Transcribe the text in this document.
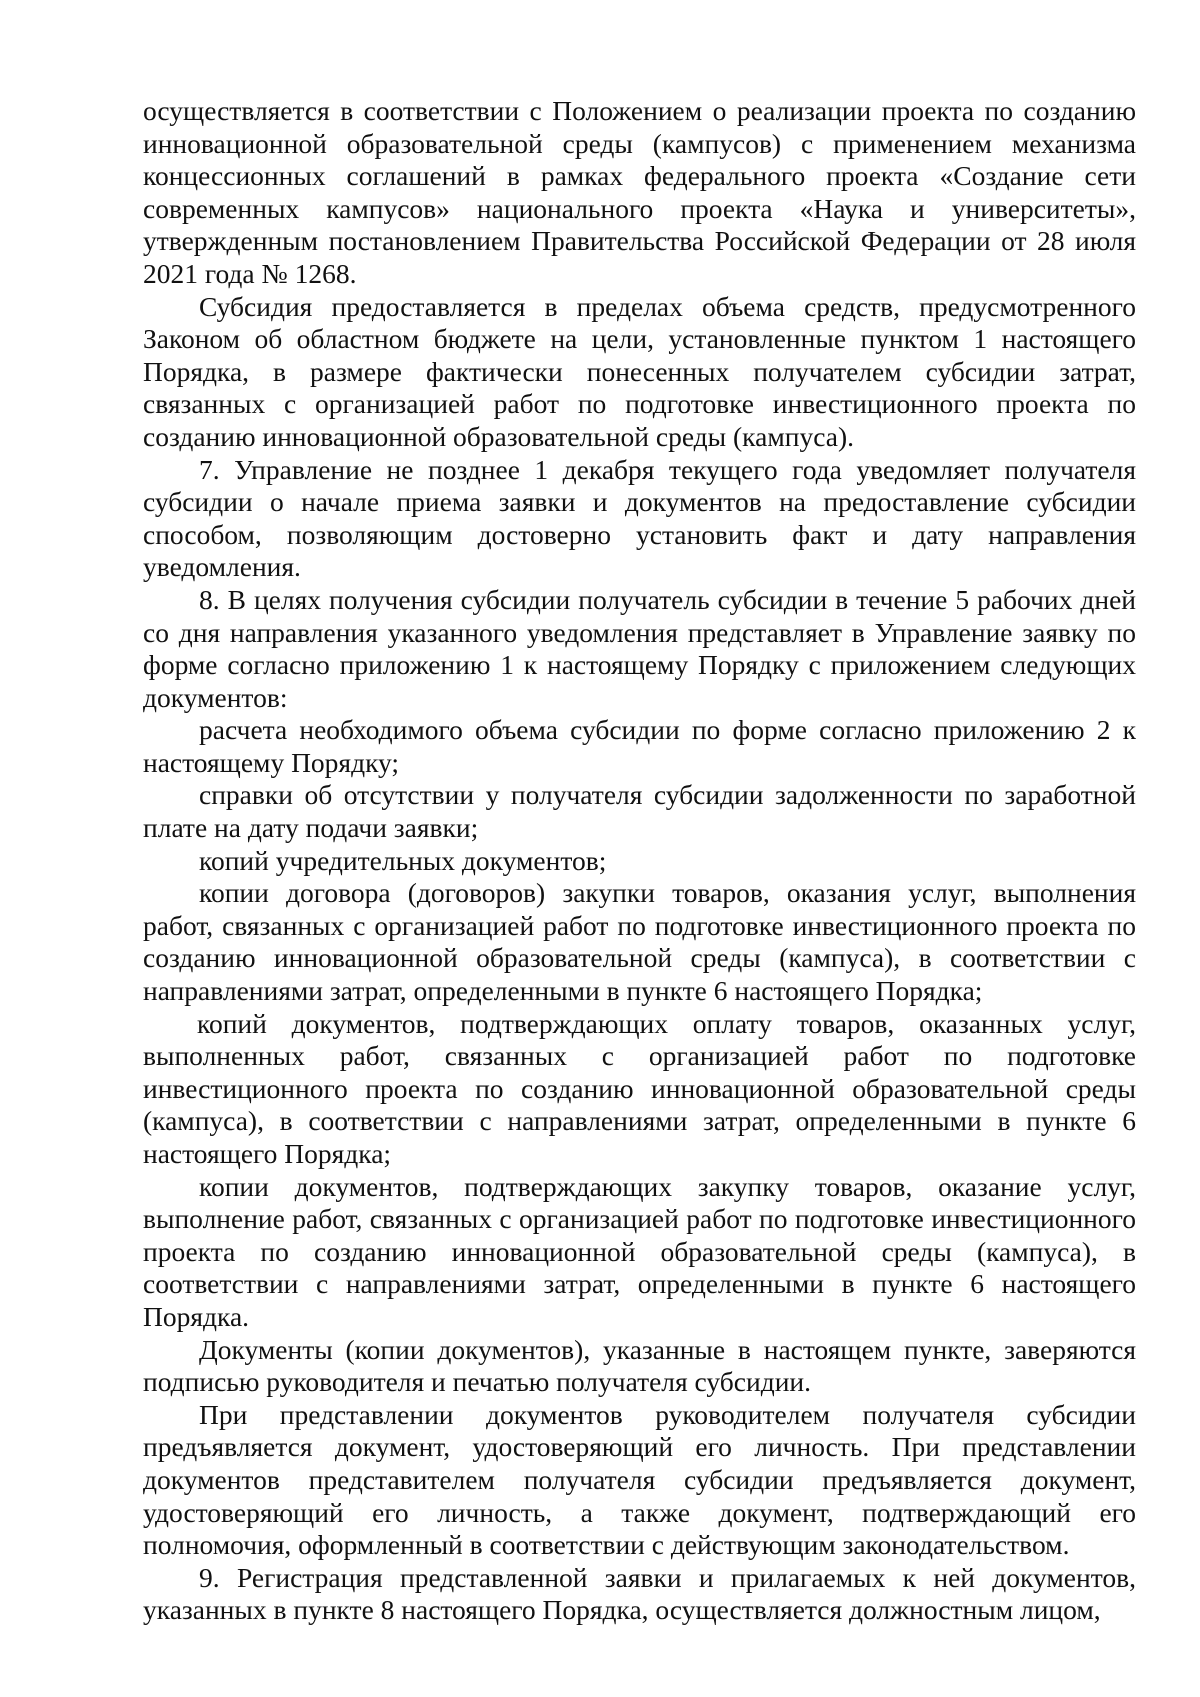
осуществляется в соответствии с Положением о реализации проекта по созданию инновационной образовательной среды (кампусов) с применением механизма концессионных соглашений в рамках федерального проекта «Создание сети современных кампусов» национального проекта «Наука и университеты», утвержденным постановлением Правительства Российской Федерации от 28 июля 2021 года № 1268.

Субсидия предоставляется в пределах объема средств, предусмотренного Законом об областном бюджете на цели, установленные пунктом 1 настоящего Порядка, в размере фактически понесенных получателем субсидии затрат, связанных с организацией работ по подготовке инвестиционного проекта по созданию инновационной образовательной среды (кампуса).

7. Управление не позднее 1 декабря текущего года уведомляет получателя субсидии о начале приема заявки и документов на предоставление субсидии способом, позволяющим достоверно установить факт и дату направления уведомления.

8. В целях получения субсидии получатель субсидии в течение 5 рабочих дней со дня направления указанного уведомления представляет в Управление заявку по форме согласно приложению 1 к настоящему Порядку с приложением следующих документов:

расчета необходимого объема субсидии по форме согласно приложению 2 к настоящему Порядку;

справки об отсутствии у получателя субсидии задолженности по заработной плате на дату подачи заявки;

копий учредительных документов;

копии договора (договоров) закупки товаров, оказания услуг, выполнения работ, связанных с организацией работ по подготовке инвестиционного проекта по созданию инновационной образовательной среды (кампуса), в соответствии с направлениями затрат, определенными в пункте 6 настоящего Порядка;

копий документов, подтверждающих оплату товаров, оказанных услуг, выполненных работ, связанных с организацией работ по подготовке инвестиционного проекта по созданию инновационной образовательной среды (кампуса), в соответствии с направлениями затрат, определенными в пункте 6 настоящего Порядка;

копии документов, подтверждающих закупку товаров, оказание услуг, выполнение работ, связанных с организацией работ по подготовке инвестиционного проекта по созданию инновационной образовательной среды (кампуса), в соответствии с направлениями затрат, определенными в пункте 6 настоящего Порядка.

Документы (копии документов), указанные в настоящем пункте, заверяются подписью руководителя и печатью получателя субсидии.

При представлении документов руководителем получателя субсидии предъявляется документ, удостоверяющий его личность. При представлении документов представителем получателя субсидии предъявляется документ, удостоверяющий его личность, а также документ, подтверждающий его полномочия, оформленный в соответствии с действующим законодательством.

9. Регистрация представленной заявки и прилагаемых к ней документов, указанных в пункте 8 настоящего Порядка, осуществляется должностным лицом,
